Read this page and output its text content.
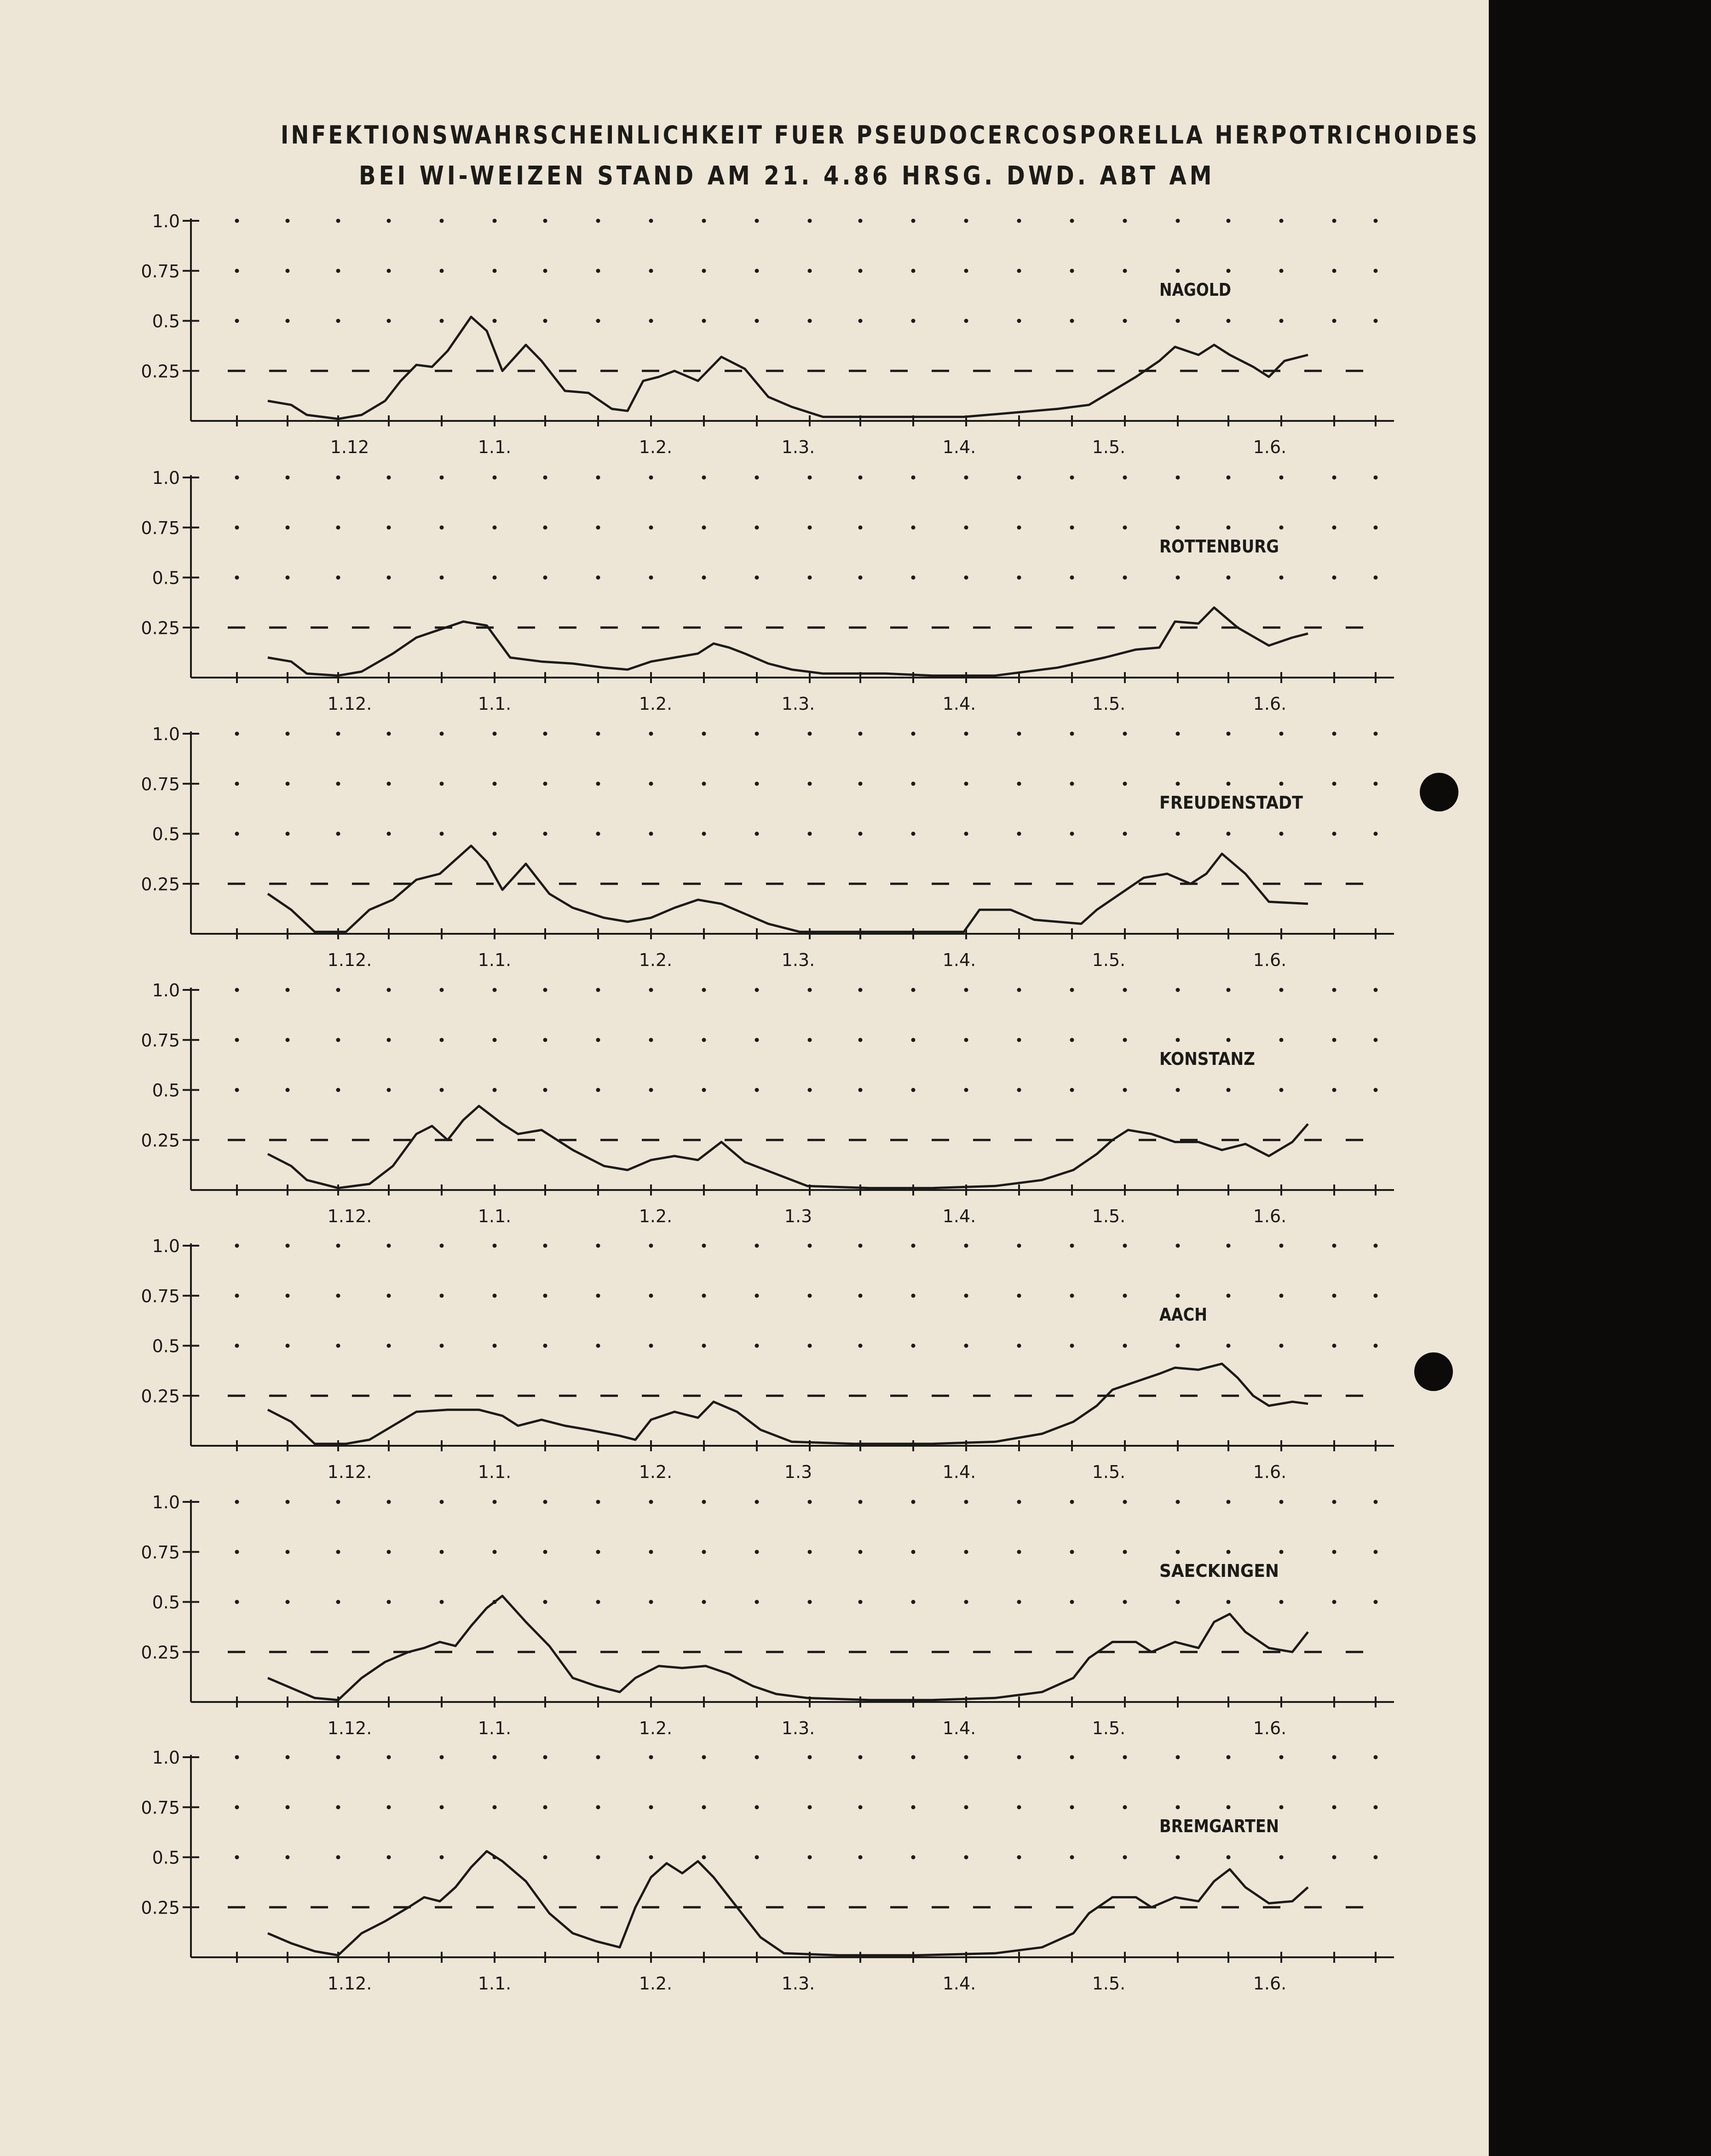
INFEKTIONSWAHRSCHEINLICHKEIT FUER PSEUDOCERCOSPORELLA HERPOTRICHOIDES
BEI WI-WEIZEN STAND AM 21. 4.86 HRSG. DWD. ABT AM
1.0
0.75
0.5
0.25
1.12	1.1.	1.2.	1.3.	1.4.	1.5.	1.6.
NAGOLD
1.0
0.75
0.5
0.25
1.12.	1.1.	1.2.	1.3.	1.4.	1.5.	1.6.
ROTTENBURG
1.0
0.75
0.5
0.25
1.12.	1.1.	1.2.	1.3.	1.4.	1.5.	1.6.
FREUDENSTADT
1.0
0.75
0.5
0.25
1.12.	1.1.	1.2.	1.3	1.4.	1.5.	1.6.
KONSTANZ
1.0
0.75
0.5
0.25
1.12.	1.1.	1.2.	1.3	1.4.	1.5.	1.6.
AACH
1.0
0.75
0.5
0.25
1.12.	1.1.	1.2.	1.3.	1.4.	1.5.	1.6.
SAECKINGEN
1.0
0.75
0.5
0.25
1.12.	1.1.	1.2.	1.3.	1.4.	1.5.	1.6.
BREMGARTEN
